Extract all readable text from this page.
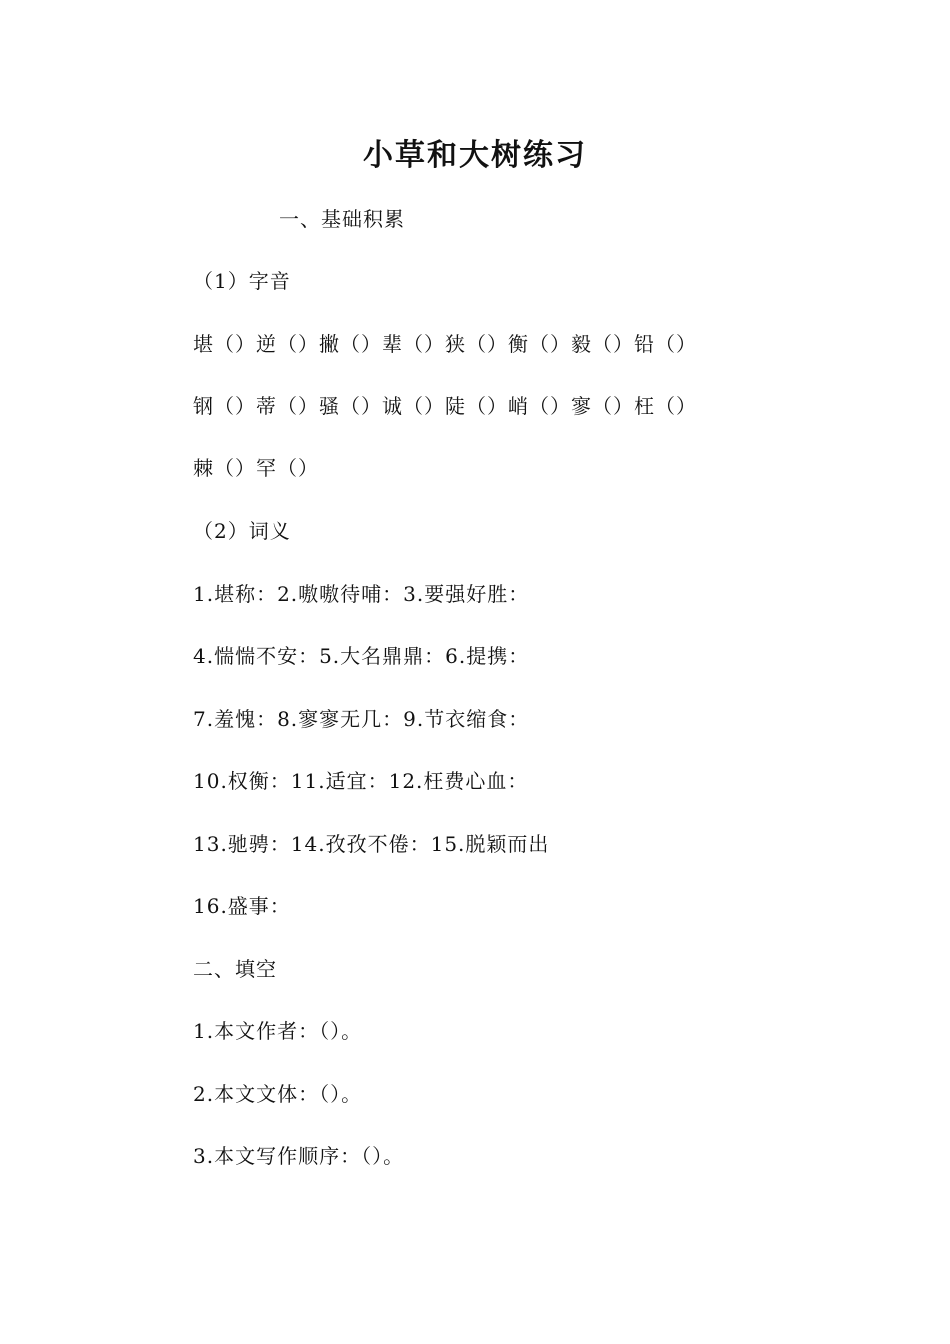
小草和大树练习
一、基础积累
（1）字音
堪（）逆（）撇（）辈（）狭（）衡（）毅（）铅（）
钢（）蒂（）骚（）诚（）陡（）峭（）寥（）枉（）
棘（）罕（）
（2）词义
1.堪称：2.嗷嗷待哺：3.要强好胜：
4.惴惴不安：5.大名鼎鼎：6.提携：
7.羞愧：8.寥寥无几：9.节衣缩食：
10.权衡：11.适宜：12.枉费心血：
13.驰骋：14.孜孜不倦：15.脱颖而出
16.盛事：
二、填空
1.本文作者：（）。
2.本文文体：（）。
3.本文写作顺序：（）。
